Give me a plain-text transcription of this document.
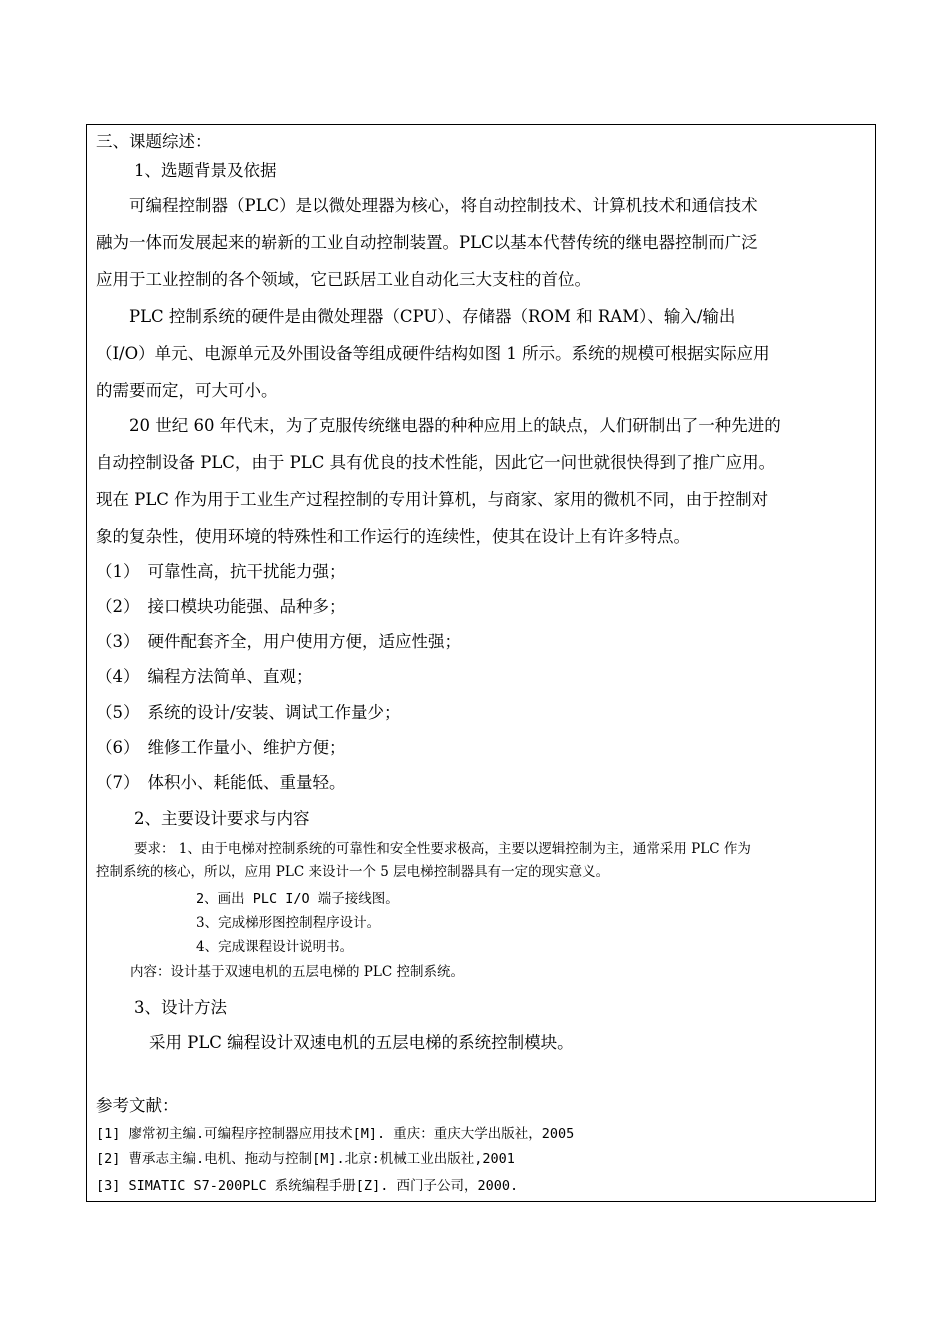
三、课题综述：
1、选题背景及依据
可编程控制器（PLC）是以微处理器为核心，将自动控制技术、计算机技术和通信技术
融为一体而发展起来的崭新的工业自动控制装置。PLC以基本代替传统的继电器控制而广泛
应用于工业控制的各个领域，它已跃居工业自动化三大支柱的首位。
PLC 控制系统的硬件是由微处理器（CPU）、存储器（ROM 和 RAM）、输入/输出
（I/O）单元、电源单元及外围设备等组成硬件结构如图 1 所示。系统的规模可根据实际应用
的需要而定，可大可小。
20 世纪 60 年代末，为了克服传统继电器的种种应用上的缺点，人们研制出了一种先进的
自动控制设备 PLC，由于 PLC 具有优良的技术性能，因此它一问世就很快得到了推广应用。
现在 PLC 作为用于工业生产过程控制的专用计算机，与商家、家用的微机不同，由于控制对
象的复杂性，使用环境的特殊性和工作运行的连续性，使其在设计上有许多特点。
（1） 可靠性高，抗干扰能力强；
（2） 接口模块功能强、品种多；
（3） 硬件配套齐全，用户使用方便，适应性强；
（4） 编程方法简单、直观；
（5） 系统的设计/安装、调试工作量少；
（6） 维修工作量小、维护方便；
（7） 体积小、耗能低、重量轻。
2、主要设计要求与内容
要求： 1、由于电梯对控制系统的可靠性和安全性要求极高，主要以逻辑控制为主，通常采用 PLC 作为
控制系统的核心，所以，应用 PLC 来设计一个 5 层电梯控制器具有一定的现实意义。
2、画出 PLC I/O 端子接线图。
3、完成梯形图控制程序设计。
4、完成课程设计说明书。
内容：设计基于双速电机的五层电梯的 PLC 控制系统。
3、设计方法
采用 PLC 编程设计双速电机的五层电梯的系统控制模块。
参考文献：
[1] 廖常初主编.可编程序控制器应用技术[M]. 重庆：重庆大学出版社，2005
[2] 曹承志主编.电机、拖动与控制[M].北京:机械工业出版社,2001
[3] SIMATIC S7-200PLC 系统编程手册[Z]. 西门子公司，2000.
